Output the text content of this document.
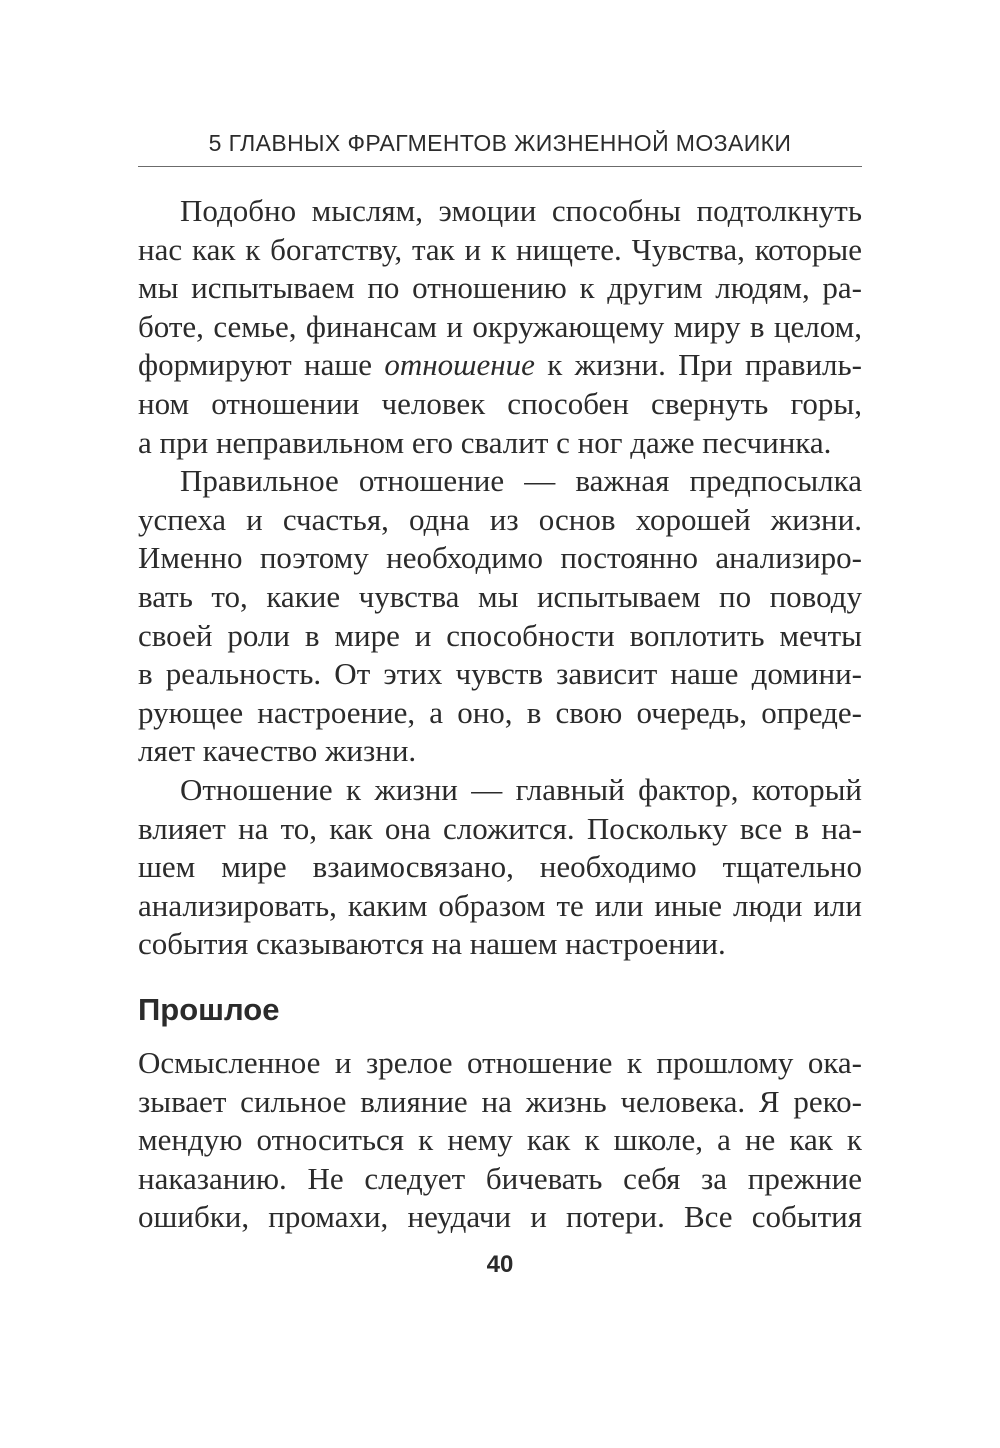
5 ГЛАВНЫХ ФРАГМЕНТОВ ЖИЗНЕННОЙ МОЗАИКИ
Подобно мыслям, эмоции способны подтолкнуть
нас как к богатству, так и к нищете. Чувства, которые
мы испытываем по отношению к другим людям, ра-
боте, семье, финансам и окружающему миру в целом,
формируют наше отношение к жизни. При правиль-
ном отношении человек способен свернуть горы,
а при неправильном его свалит с ног даже песчинка.
Правильное отношение — важная предпосылка
успеха и счастья, одна из основ хорошей жизни.
Именно поэтому необходимо постоянно анализиро-
вать то, какие чувства мы испытываем по поводу
своей роли в мире и способности воплотить мечты
в реальность. От этих чувств зависит наше домини-
рующее настроение, а оно, в свою очередь, опреде-
ляет качество жизни.
Отношение к жизни — главный фактор, который
влияет на то, как она сложится. Поскольку все в на-
шем мире взаимосвязано, необходимо тщательно
анализировать, каким образом те или иные люди или
события сказываются на нашем настроении.
Прошлое
Осмысленное и зрелое отношение к прошлому ока-
зывает сильное влияние на жизнь человека. Я реко-
мендую относиться к нему как к школе, а не как к
наказанию. Не следует бичевать себя за прежние
ошибки, промахи, неудачи и потери. Все события
40
